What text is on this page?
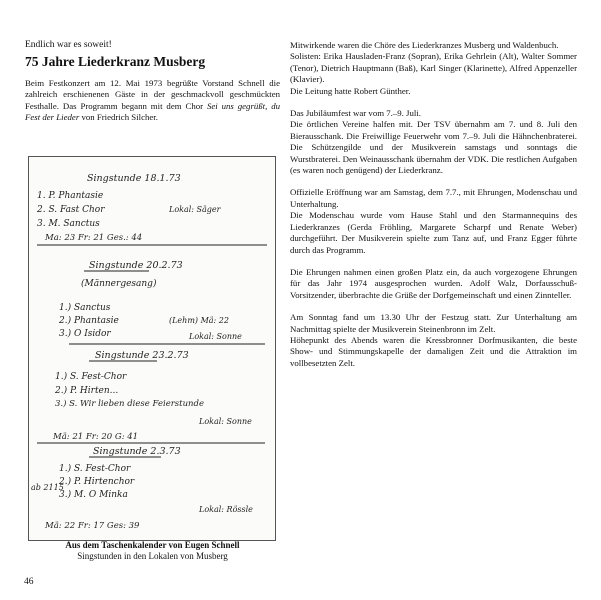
Endlich war es soweit!
75 Jahre Liederkranz Musberg

Beim Festkonzert am 12. Mai 1973 begrüßte Vorstand Schnell die zahlreich erschienenen Gäste in der geschmackvoll geschmückten Festhalle. Das Programm begann mit dem Chor Sei uns gegrüßt, du Fest der Lieder von Friedrich Silcher.

Singstunde 18.1.73
1. P. Phantasie
2. S. Fast Chor	Lokal: Säger
3. M. Sanctus
Ma: 23 Fr: 21 Ges.: 44
Singstunde 20.2.73
(Männergesang)
1.) Sanctus
2.) Phantasie	(Lehm) Mä: 22
3.) O Isidor	Lokal: Sonne
Singstunde 23.2.73
1.) S. Fest-Chor
2.) P. Hirten...
3.) S. Wir lieben diese Feierstunde
Lokal: Sonne
Mä: 21 Fr: 20 G: 41
Singstunde 2.3.73
1.) S. Fest-Chor
2.) P. Hirtenchor
ab 2115
3.) M. O Minka
Lokal: Rössle
Mä: 22 Fr: 17 Ges: 39
Aus dem Taschenkalender von Eugen Schnell
Singstunden in den Lokalen von Musberg

Mitwirkende waren die Chöre des Liederkranzes Musberg und Waldenbuch.

Solisten: Erika Hausladen-Franz (Sopran), Erika Gehrlein (Alt), Walter Sommer (Tenor), Dietrich Hauptmann (Baß), Karl Singer (Klarinette), Alfred Appenzeller (Klavier).

Die Leitung hatte Robert Günther.

Das Jubiläumfest war vom 7.–9. Juli.

Die örtlichen Vereine halfen mit. Der TSV übernahm am 7. und 8. Juli den Bierausschank. Die Freiwillige Feuerwehr vom 7.–9. Juli die Hähnchenbraterei. Die Schützengilde und der Musikverein samstags und sonntags die Wurstbraterei. Den Weinausschank übernahm der VDK. Die restlichen Aufgaben (es waren noch genügend) der Liederkranz.

Offizielle Eröffnung war am Samstag, dem 7.7., mit Ehrungen, Modenschau und Unterhaltung.

Die Modenschau wurde vom Hause Stahl und den Starmannequins des Liederkranzes (Gerda Fröhling, Margarete Scharpf und Renate Weber) durchgeführt. Der Musikverein spielte zum Tanz auf, und Franz Egger führte durch das Programm.

Die Ehrungen nahmen einen großen Platz ein, da auch vorgezogene Ehrungen für das Jahr 1974 ausgesprochen wurden. Adolf Walz, Dorfausschuß-Vorsitzender, überbrachte die Grüße der Dorfgemeinschaft und einen Zinnteller.

Am Sonntag fand um 13.30 Uhr der Festzug statt. Zur Unterhaltung am Nachmittag spielte der Musikverein Steinenbronn im Zelt.

Höhepunkt des Abends waren die Kressbronner Dorfmusikanten, die beste Show- und Stimmungskapelle der damaligen Zeit und die Attraktion im vollbesetzten Zelt.

46
